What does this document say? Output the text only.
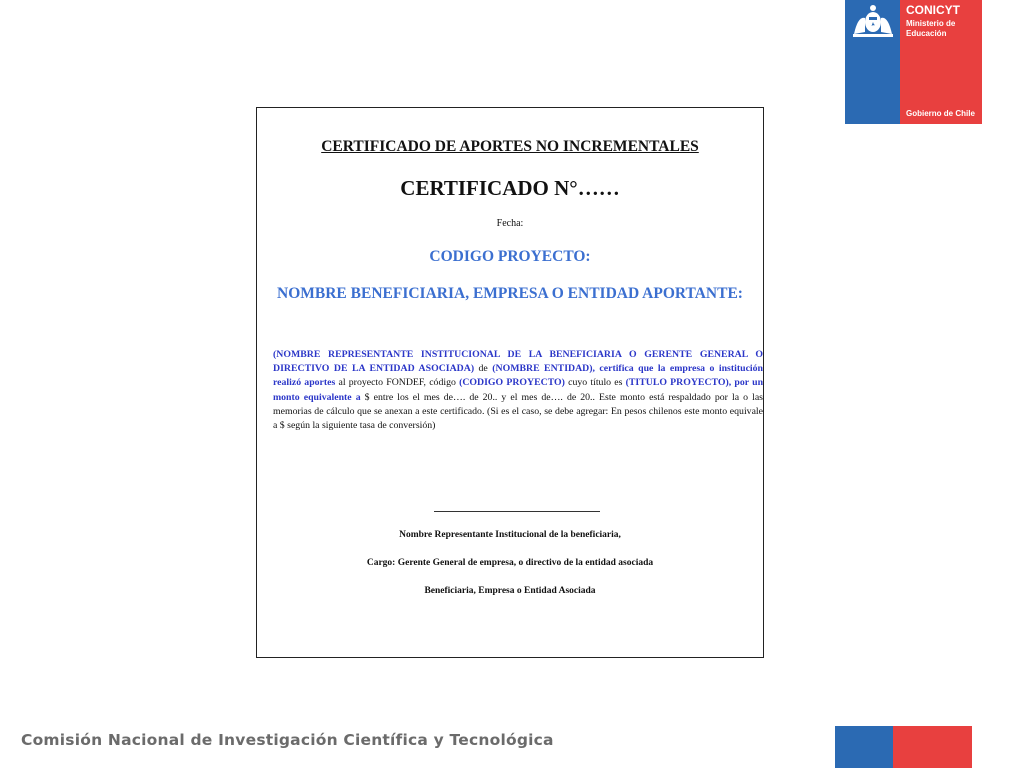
CONICYT
Ministerio de
Educación
Gobierno de Chile
CERTIFICADO DE APORTES NO INCREMENTALES
CERTIFICADO N°……
Fecha:
CODIGO PROYECTO:
NOMBRE BENEFICIARIA, EMPRESA O ENTIDAD APORTANTE:
(NOMBRE REPRESENTANTE INSTITUCIONAL DE LA BENEFICIARIA O GERENTE GENERAL O DIRECTIVO DE LA ENTIDAD ASOCIADA) de (NOMBRE ENTIDAD), certifica que la empresa o institución realizó aportes al proyecto FONDEF, código (CODIGO PROYECTO) cuyo título es (TITULO PROYECTO), por un monto equivalente a $ entre los el mes de…. de 20.. y el mes de…. de 20.. Este monto está respaldado por la o las memorias de cálculo que se anexan a este certificado. (Si es el caso, se debe agregar: En pesos chilenos este monto equivale a $ según la siguiente tasa de conversión)
Nombre Representante Institucional de la beneficiaria,
Cargo: Gerente General de empresa, o directivo de la entidad asociada
Beneficiaria, Empresa o Entidad Asociada
Comisión Nacional de Investigación Científica y Tecnológica
